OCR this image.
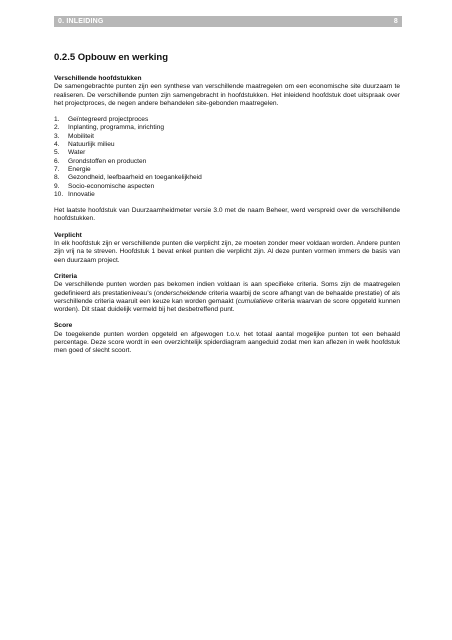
0. INLEIDING	8
0.2.5 Opbouw en werking

Verschillende hoofdstukken

De samengebrachte punten zijn een synthese van verschillende maatregelen om een economische site duurzaam te realiseren. De verschillende punten zijn samengebracht in hoofdstukken. Het inleidend hoofdstuk doet uitspraak over het projectproces, de negen andere behandelen site-gebonden maatregelen.

1.	Geïntegreerd projectproces
2.	Inplanting, programma, inrichting
3.	Mobiliteit
4.	Natuurlijk milieu
5.	Water
6.	Grondstoffen en producten
7.	Energie
8.	Gezondheid, leefbaarheid en toegankelijkheid
9.	Socio-economische aspecten
10. Innovatie

Het laatste hoofdstuk van Duurzaamheidmeter versie 3.0 met de naam Beheer, werd verspreid over de verschillende hoofdstukken.

Verplicht

In elk hoofdstuk zijn er verschillende punten die verplicht zijn, ze moeten zonder meer voldaan worden. Andere punten zijn vrij na te streven. Hoofdstuk 1 bevat enkel punten die verplicht zijn. Al deze punten vormen immers de basis van een duurzaam project.

Criteria

De verschillende punten worden pas bekomen indien voldaan is aan specifieke criteria. Soms zijn de maatregelen gedefinieerd als prestatieniveau’s (onderscheidende criteria waarbij de score afhangt van de behaalde prestatie) of als verschillende criteria waaruit een keuze kan worden gemaakt (cumulatieve criteria waarvan de score opgeteld kunnen worden). Dit staat duidelijk vermeld bij het desbetreffend punt.

Score

De toegekende punten worden opgeteld en afgewogen t.o.v. het totaal aantal mogelijke punten tot een behaald percentage. Deze score wordt in een overzichtelijk spiderdiagram aangeduid zodat men kan aflezen in welk hoofdstuk men goed of slecht scoort.
